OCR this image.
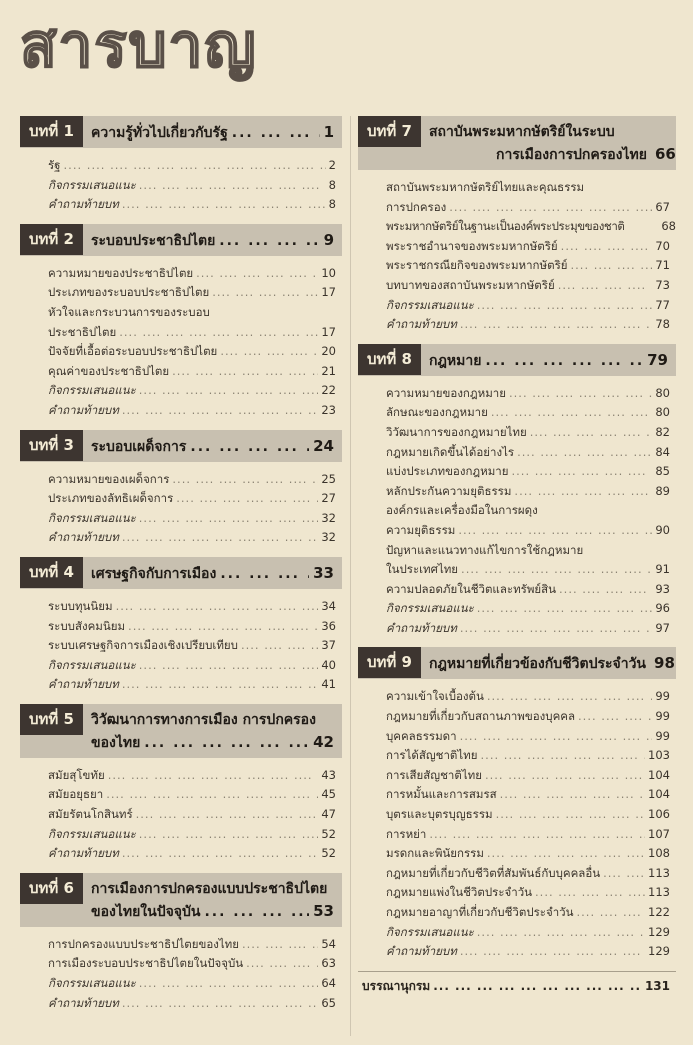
สารบาญ
บทที่ 1	ความรู้ทั่วไปเกี่ยวกับรัฐ ... .	1
รัฐ ....	2
กิจกรรมเสนอแนะ ....	8
คำถามท้ายบท ....	8
บทที่ 2	ระบอบประชาธิปไตย ... .	9
ความหมายของประชาธิปไตย ....	10
ประเภทของระบอบประชาธิปไตย ....	17
หัวใจและกระบวนการของระบอบ
ประชาธิปไตย ....	17
ปัจจัยที่เอื้อต่อระบอบประชาธิปไตย ....	20
คุณค่าของประชาธิปไตย ....	21
กิจกรรมเสนอแนะ ....	22
คำถามท้ายบท ....	23
บทที่ 3	ระบอบเผด็จการ ... .	24
ความหมายของเผด็จการ ....	25
ประเภทของลัทธิเผด็จการ ....	27
กิจกรรมเสนอแนะ ....	32
คำถามท้ายบท ....	32
บทที่ 4	เศรษฐกิจกับการเมือง ... .	33
ระบบทุนนิยม ....	34
ระบบสังคมนิยม ....	36
ระบบเศรษฐกิจการเมืองเชิงเปรียบเทียบ ....	37
กิจกรรมเสนอแนะ ....	40
คำถามท้ายบท ....	41
บทที่ 5	วิวัฒนาการทางการเมือง การปกครอง
ของไทย ... .	42
สมัยสุโขทัย ....	43
สมัยอยุธยา ....	45
สมัยรัตนโกสินทร์ ....	47
กิจกรรมเสนอแนะ ....	52
คำถามท้ายบท ....	52
บทที่ 6	การเมืองการปกครองแบบประชาธิปไตย
ของไทยในปัจจุบัน ... .	53
การปกครองแบบประชาธิปไตยของไทย ....	54
การเมืองระบอบประชาธิปไตยในปัจจุบัน ....	63
กิจกรรมเสนอแนะ ....	64
คำถามท้ายบท ....	65
บทที่ 7	สถาบันพระมหากษัตริย์ในระบบ
การเมืองการปกครองไทย 66
สถาบันพระมหากษัตริย์ไทยและคุณธรรม
การปกครอง ....	67
พระมหากษัตริย์ในฐานะเป็นองค์พระประมุขของชาติ	68
พระราชอำนาจของพระมหากษัตริย์ ....	70
พระราชกรณียกิจของพระมหากษัตริย์ ....	71
บทบาทของสถาบันพระมหากษัตริย์ ....	73
กิจกรรมเสนอแนะ ....	77
คำถามท้ายบท ....	78
บทที่ 8	กฎหมาย ... .	79
ความหมายของกฎหมาย ....	80
ลักษณะของกฎหมาย ....	80
วิวัฒนาการของกฎหมายไทย ....	82
กฎหมายเกิดขึ้นได้อย่างไร ....	84
แบ่งประเภทของกฎหมาย ....	85
หลักประกันความยุติธรรม ....	89
องค์กรและเครื่องมือในการผดุง
ความยุติธรรม ....	90
ปัญหาและแนวทางแก้ไขการใช้กฎหมาย
ในประเทศไทย ....	91
ความปลอดภัยในชีวิตและทรัพย์สิน ....	93
กิจกรรมเสนอแนะ ....	96
คำถามท้ายบท ....	97
บทที่ 9	กฎหมายที่เกี่ยวข้องกับชีวิตประจำวัน 98
ความเข้าใจเบื้องต้น ....	99
กฎหมายที่เกี่ยวกับสถานภาพของบุคคล ....	99
บุคคลธรรมดา ....	99
การได้สัญชาติไทย ....	103
การเสียสัญชาติไทย ....	104
การหมั้นและการสมรส ....	104
บุตรและบุตรบุญธรรม ....	106
การหย่า ....	107
มรดกและพินัยกรรม ....	108
กฎหมายที่เกี่ยวกับชีวิตที่สัมพันธ์กับบุคคลอื่น ....	113
กฎหมายแพ่งในชีวิตประจำวัน ....	113
กฎหมายอาญาที่เกี่ยวกับชีวิตประจำวัน ....	122
กิจกรรมเสนอแนะ ....	129
คำถามท้ายบท ....	129
บรรณานุกรม ... .	131
